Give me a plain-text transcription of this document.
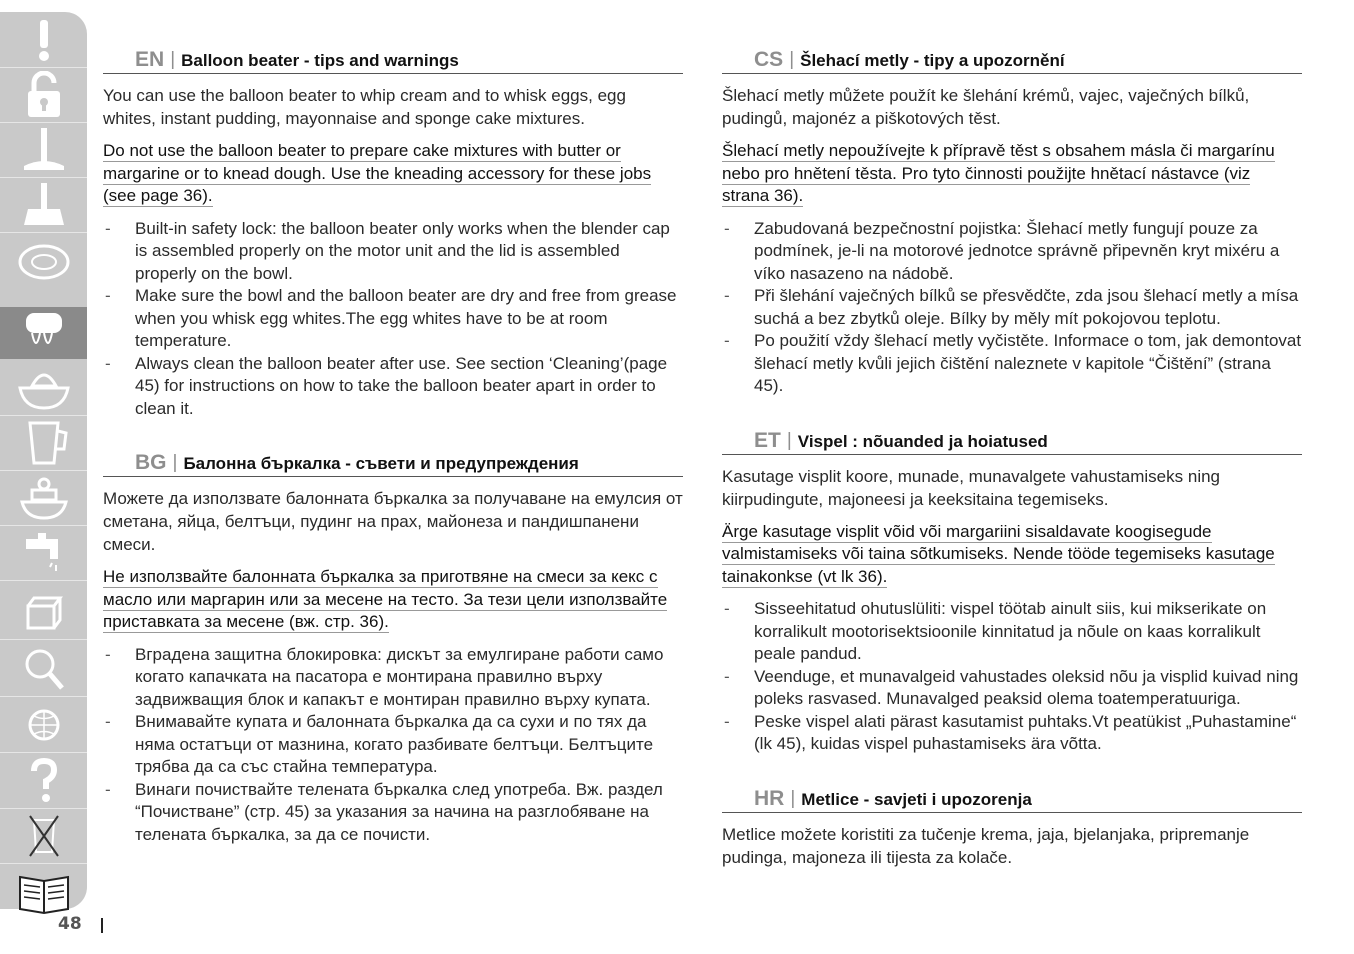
48
EN | Balloon beater - tips and warnings

You can use the balloon beater to whip cream and to whisk eggs, egg whites, instant pudding, mayonnaise and sponge cake mixtures.

Do not use the balloon beater to prepare cake mixtures with butter or margarine or to knead dough. Use the kneading accessory for these jobs (see page 36).

- Built-in safety lock: the balloon beater only works when the blender cap is assembled properly on the motor unit and the lid is assembled properly on the bowl.
- Make sure the bowl and the balloon beater are dry and free from grease when you whisk egg whites.The egg whites have to be at room temperature.
- Always clean the balloon beater after use. See section ‘Cleaning’(page 45) for instructions on how to take the balloon beater apart in order to clean it.
BG | Балонна бъркалка - съвети и предупреждения

Можете да използвате балонната бъркалка за получаване на емулсия от сметана, яйца, белтъци, пудинг на прах, майонеза и пандишпанени смеси.

Не използвайте балонната бъркалка за приготвяне на смеси за кекс с масло или маргарин или за месене на тесто. За тези цели използвайте приставката за месене (вж. стр. 36).

- Вградена защитна блокировка: дискът за емулгиране работи само когато капачката на пасатора е монтирана правилно върху задвижващия блок и капакът е монтиран правилно върху купата.
- Внимавайте купата и балонната бъркалка да са сухи и по тях да няма остатъци от мазнина, когато разбивате белтъци. Белтъците трябва да са със стайна температура.
- Винаги почиствайте телената бъркалка след употреба. Вж. раздел “Почистване” (стр. 45) за указания за начина на разглобяване на телената бъркалка, за да се почисти.
CS | Šlehací metly - tipy a upozornění

Šlehací metly můžete použít ke šlehání krémů, vajec, vaječných bílků, pudingů, majonéz a piškotových těst.

Šlehací metly nepoužívejte k přípravě těst s obsahem másla či margarínu nebo pro hnětení těsta. Pro tyto činnosti použijte hnětací nástavce (viz strana 36).

- Zabudovaná bezpečnostní pojistka: Šlehací metly fungují pouze za podmínek, je-li na motorové jednotce správně připevněn kryt mixéru a víko nasazeno na nádobě.
- Při šlehání vaječných bílků se přesvědčte, zda jsou šlehací metly a mísa suchá a bez zbytků oleje. Bílky by měly mít pokojovou teplotu.
- Po použití vždy šlehací metly vyčistěte. Informace o tom, jak demontovat šlehací metly kvůli jejich čištění naleznete v kapitole “Čištění” (strana 45).
ET | Vispel : nõuanded ja hoiatused

Kasutage visplit koore, munade, munavalgete vahustamiseks ning kiirpudingute, majoneesi ja keeksitaina tegemiseks.

Ärge kasutage visplit võid või margariini sisaldavate koogisegude valmistamiseks või taina sõtkumiseks. Nende tööde tegemiseks kasutage tainakonkse (vt lk 36).

- Sisseehitatud ohutuslüliti: vispel töötab ainult siis, kui mikserikate on korralikult mootorisektsioonile kinnitatud ja nõule on kaas korralikult peale pandud.
- Veenduge, et munavalgeid vahustades oleksid nõu ja visplid kuivad ning poleks rasvased. Munavalged peaksid olema toatemperatuuriga.
- Peske vispel alati pärast kasutamist puhtaks.Vt peatükist „Puhastamine“ (lk 45), kuidas vispel puhastamiseks ära võtta.
HR | Metlice - savjeti i upozorenja

Metlice možete koristiti za tučenje krema, jaja, bjelanjaka, pripremanje pudinga, majoneza ili tijesta za kolače.
